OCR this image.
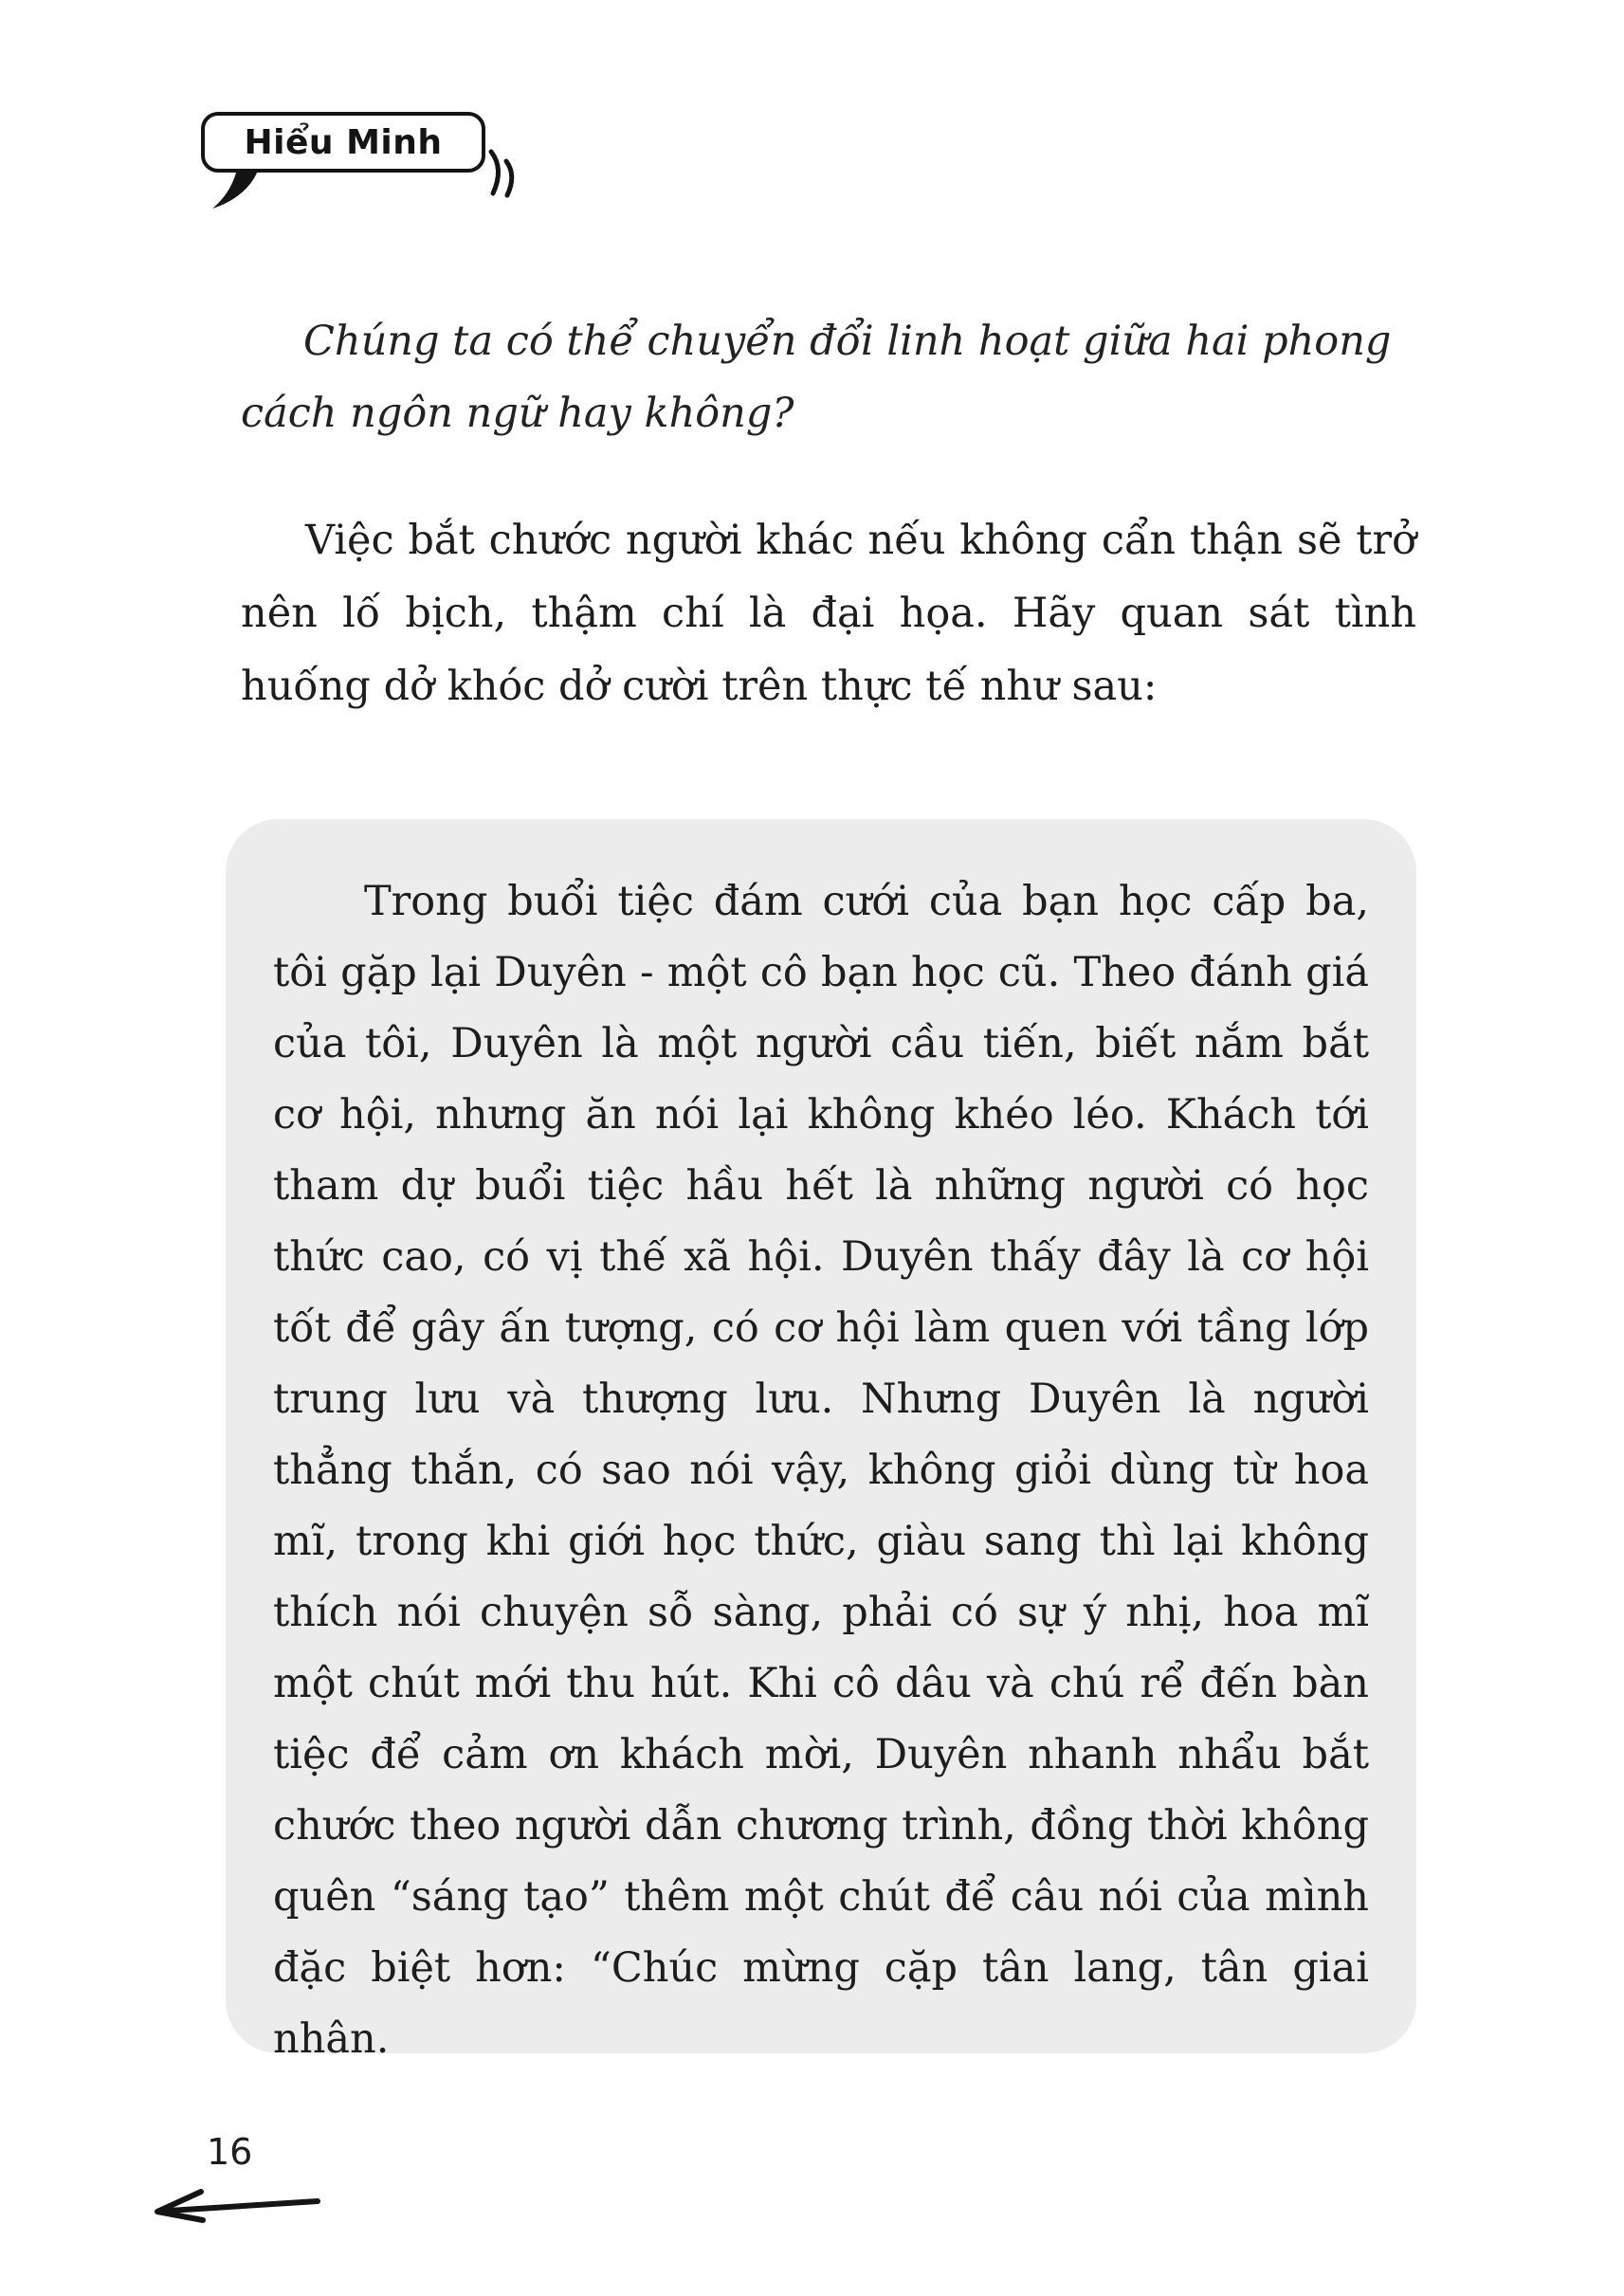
Hiểu Minh
Chúng ta có thể chuyển đổi linh hoạt giữa hai phong cách ngôn ngữ hay không?
Việc bắt chước người khác nếu không cẩn thận sẽ trở nên lố bịch, thậm chí là đại họa. Hãy quan sát tình huống dở khóc dở cười trên thực tế như sau:
Trong buổi tiệc đám cưới của bạn học cấp ba, tôi gặp lại Duyên - một cô bạn học cũ. Theo đánh giá của tôi, Duyên là một người cầu tiến, biết nắm bắt cơ hội, nhưng ăn nói lại không khéo léo. Khách tới tham dự buổi tiệc hầu hết là những người có học thức cao, có vị thế xã hội. Duyên thấy đây là cơ hội tốt để gây ấn tượng, có cơ hội làm quen với tầng lớp trung lưu và thượng lưu. Nhưng Duyên là người thẳng thắn, có sao nói vậy, không giỏi dùng từ hoa mĩ, trong khi giới học thức, giàu sang thì lại không thích nói chuyện sỗ sàng, phải có sự ý nhị, hoa mĩ một chút mới thu hút. Khi cô dâu và chú rể đến bàn tiệc để cảm ơn khách mời, Duyên nhanh nhẩu bắt chước theo người dẫn chương trình, đồng thời không quên “sáng tạo” thêm một chút để câu nói của mình đặc biệt hơn: “Chúc mừng cặp tân lang, tân giai nhân.
16
